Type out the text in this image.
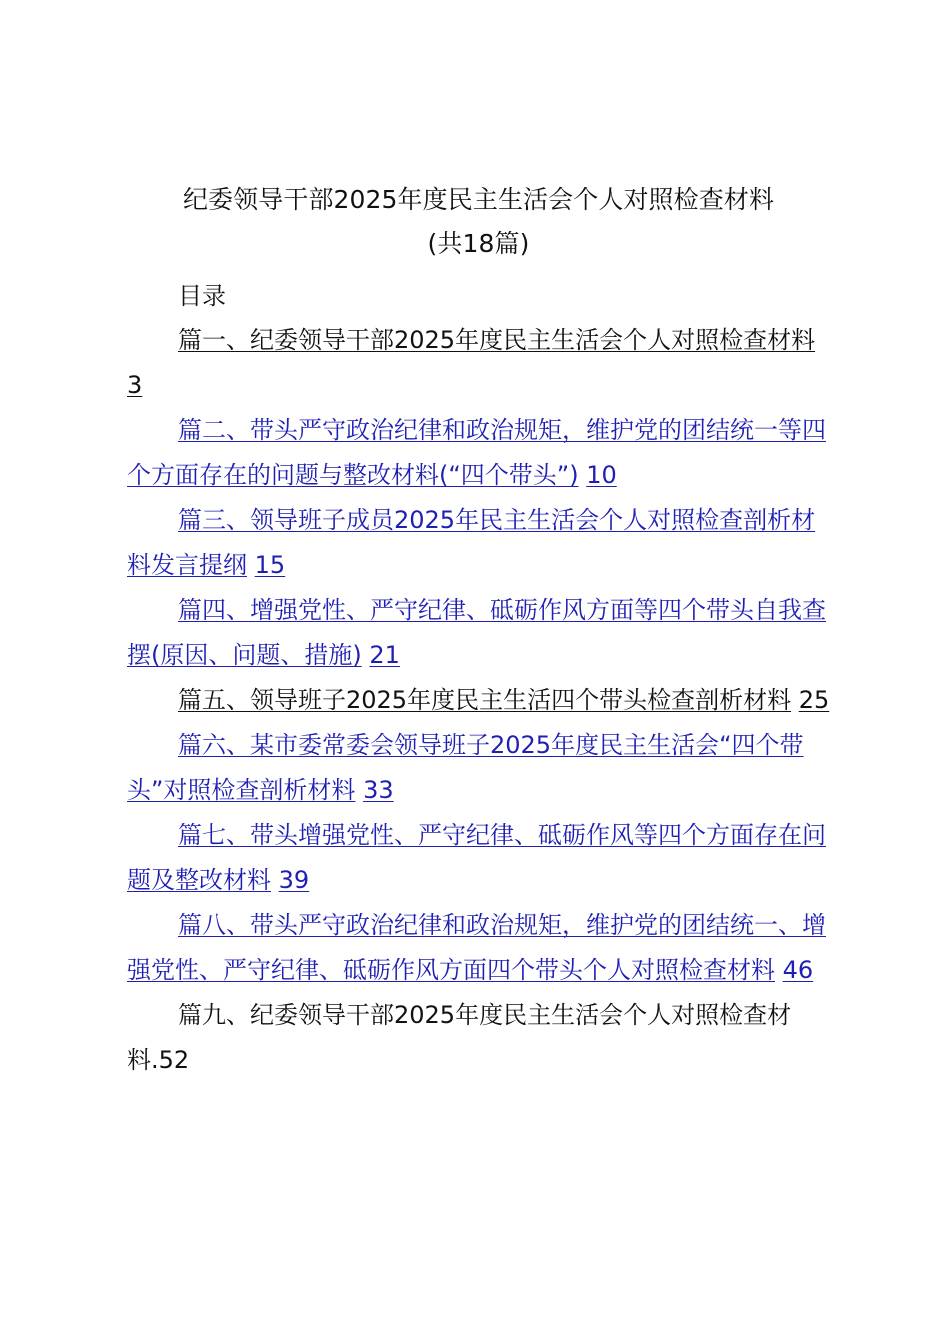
纪委领导干部2025年度民主生活会个人对照检查材料
(共18篇)

目录

篇一、纪委领导干部2025年度民主生活会个人对照检查材料 3

篇二、带头严守政治纪律和政治规矩，维护党的团结统一等四个方面存在的问题与整改材料(“四个带头”) 10

篇三、领导班子成员2025年民主生活会个人对照检查剖析材料发言提纲 15

篇四、增强党性、严守纪律、砥砺作风方面等四个带头自我查摆(原因、问题、措施) 21

篇五、领导班子2025年度民主生活四个带头检查剖析材料 25

篇六、某市委常委会领导班子2025年度民主生活会“四个带头”对照检查剖析材料 33

篇七、带头增强党性、严守纪律、砥砺作风等四个方面存在问题及整改材料 39

篇八、带头严守政治纪律和政治规矩，维护党的团结统一、增强党性、严守纪律、砥砺作风方面四个带头个人对照检查材料 46

篇九、纪委领导干部2025年度民主生活会个人对照检查材料.52
